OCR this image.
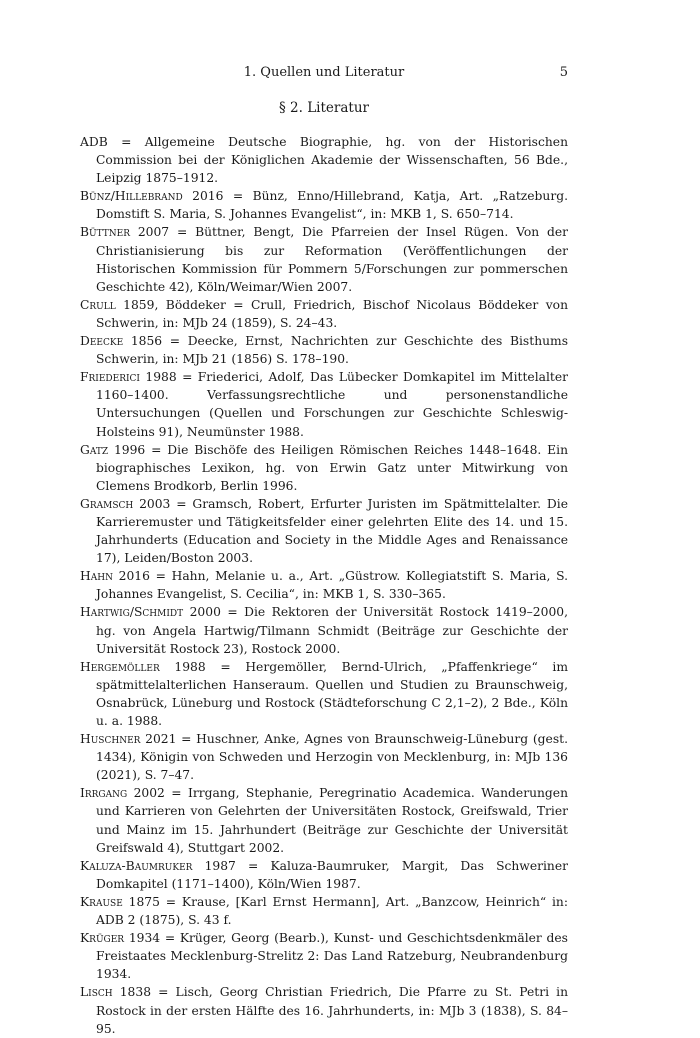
1. Quellen und Literatur	5
§ 2. Literatur

ADB = Allgemeine Deutsche Biographie, hg. von der Historischen Commission bei der Königlichen Akademie der Wissenschaften, 56 Bde., Leipzig 1875–1912.

Bünz/Hillebrand 2016 = Bünz, Enno/Hillebrand, Katja, Art. „Ratzeburg. Domstift S. Maria, S. Johannes Evangelist“, in: MKB 1, S. 650–714.

Büttner 2007 = Büttner, Bengt, Die Pfarreien der Insel Rügen. Von der Christianisierung bis zur Reformation (Veröffentlichungen der Historischen Kommission für Pommern 5/Forschungen zur pommerschen Geschichte 42), Köln/Weimar/Wien 2007.

Crull 1859, Böddeker = Crull, Friedrich, Bischof Nicolaus Böddeker von Schwerin, in: MJb 24 (1859), S. 24–43.

Deecke 1856 = Deecke, Ernst, Nachrichten zur Geschichte des Bisthums Schwerin, in: MJb 21 (1856) S. 178–190.

Friederici 1988 = Friederici, Adolf, Das Lübecker Domkapitel im Mittelalter 1160–1400. Verfassungsrechtliche und personenstandliche Untersuchungen (Quellen und Forschungen zur Geschichte Schleswig-Holsteins 91), Neumünster 1988.

Gatz 1996 = Die Bischöfe des Heiligen Römischen Reiches 1448–1648. Ein biographisches Lexikon, hg. von Erwin Gatz unter Mitwirkung von Clemens Brodkorb, Berlin 1996.

Gramsch 2003 = Gramsch, Robert, Erfurter Juristen im Spätmittelalter. Die Karrieremuster und Tätigkeitsfelder einer gelehrten Elite des 14. und 15. Jahrhunderts (Education and Society in the Middle Ages and Renaissance 17), Leiden/Boston 2003.

Hahn 2016 = Hahn, Melanie u. a., Art. „Güstrow. Kollegiatstift S. Maria, S. Johannes Evangelist, S. Cecilia“, in: MKB 1, S. 330–365.

Hartwig/Schmidt 2000 = Die Rektoren der Universität Rostock 1419–2000, hg. von Angela Hartwig/Tilmann Schmidt (Beiträge zur Geschichte der Universität Rostock 23), Rostock 2000.

Hergemöller 1988 = Hergemöller, Bernd-Ulrich, „Pfaffenkriege“ im spätmittelalterlichen Hanseraum. Quellen und Studien zu Braunschweig, Osnabrück, Lüneburg und Rostock (Städteforschung C 2,1–2), 2 Bde., Köln u. a. 1988.

Huschner 2021 = Huschner, Anke, Agnes von Braunschweig-Lüneburg (gest. 1434), Königin von Schweden und Herzogin von Mecklenburg, in: MJb 136 (2021), S. 7–47.

Irrgang 2002 = Irrgang, Stephanie, Peregrinatio Academica. Wanderungen und Karrieren von Gelehrten der Universitäten Rostock, Greifswald, Trier und Mainz im 15. Jahrhundert (Beiträge zur Geschichte der Universität Greifswald 4), Stuttgart 2002.

Kaluza-Baumruker 1987 = Kaluza-Baumruker, Margit, Das Schweriner Domkapitel (1171–1400), Köln/Wien 1987.

Krause 1875 = Krause, [Karl Ernst Hermann], Art. „Banzcow, Heinrich“ in: ADB 2 (1875), S. 43 f.

Krüger 1934 = Krüger, Georg (Bearb.), Kunst- und Geschichtsdenkmäler des Freistaates Mecklenburg-Strelitz 2: Das Land Ratzeburg, Neubrandenburg 1934.

Lisch 1838 = Lisch, Georg Christian Friedrich, Die Pfarre zu St. Petri in Rostock in der ersten Hälfte des 16. Jahrhunderts, in: MJb 3 (1838), S. 84–95.
